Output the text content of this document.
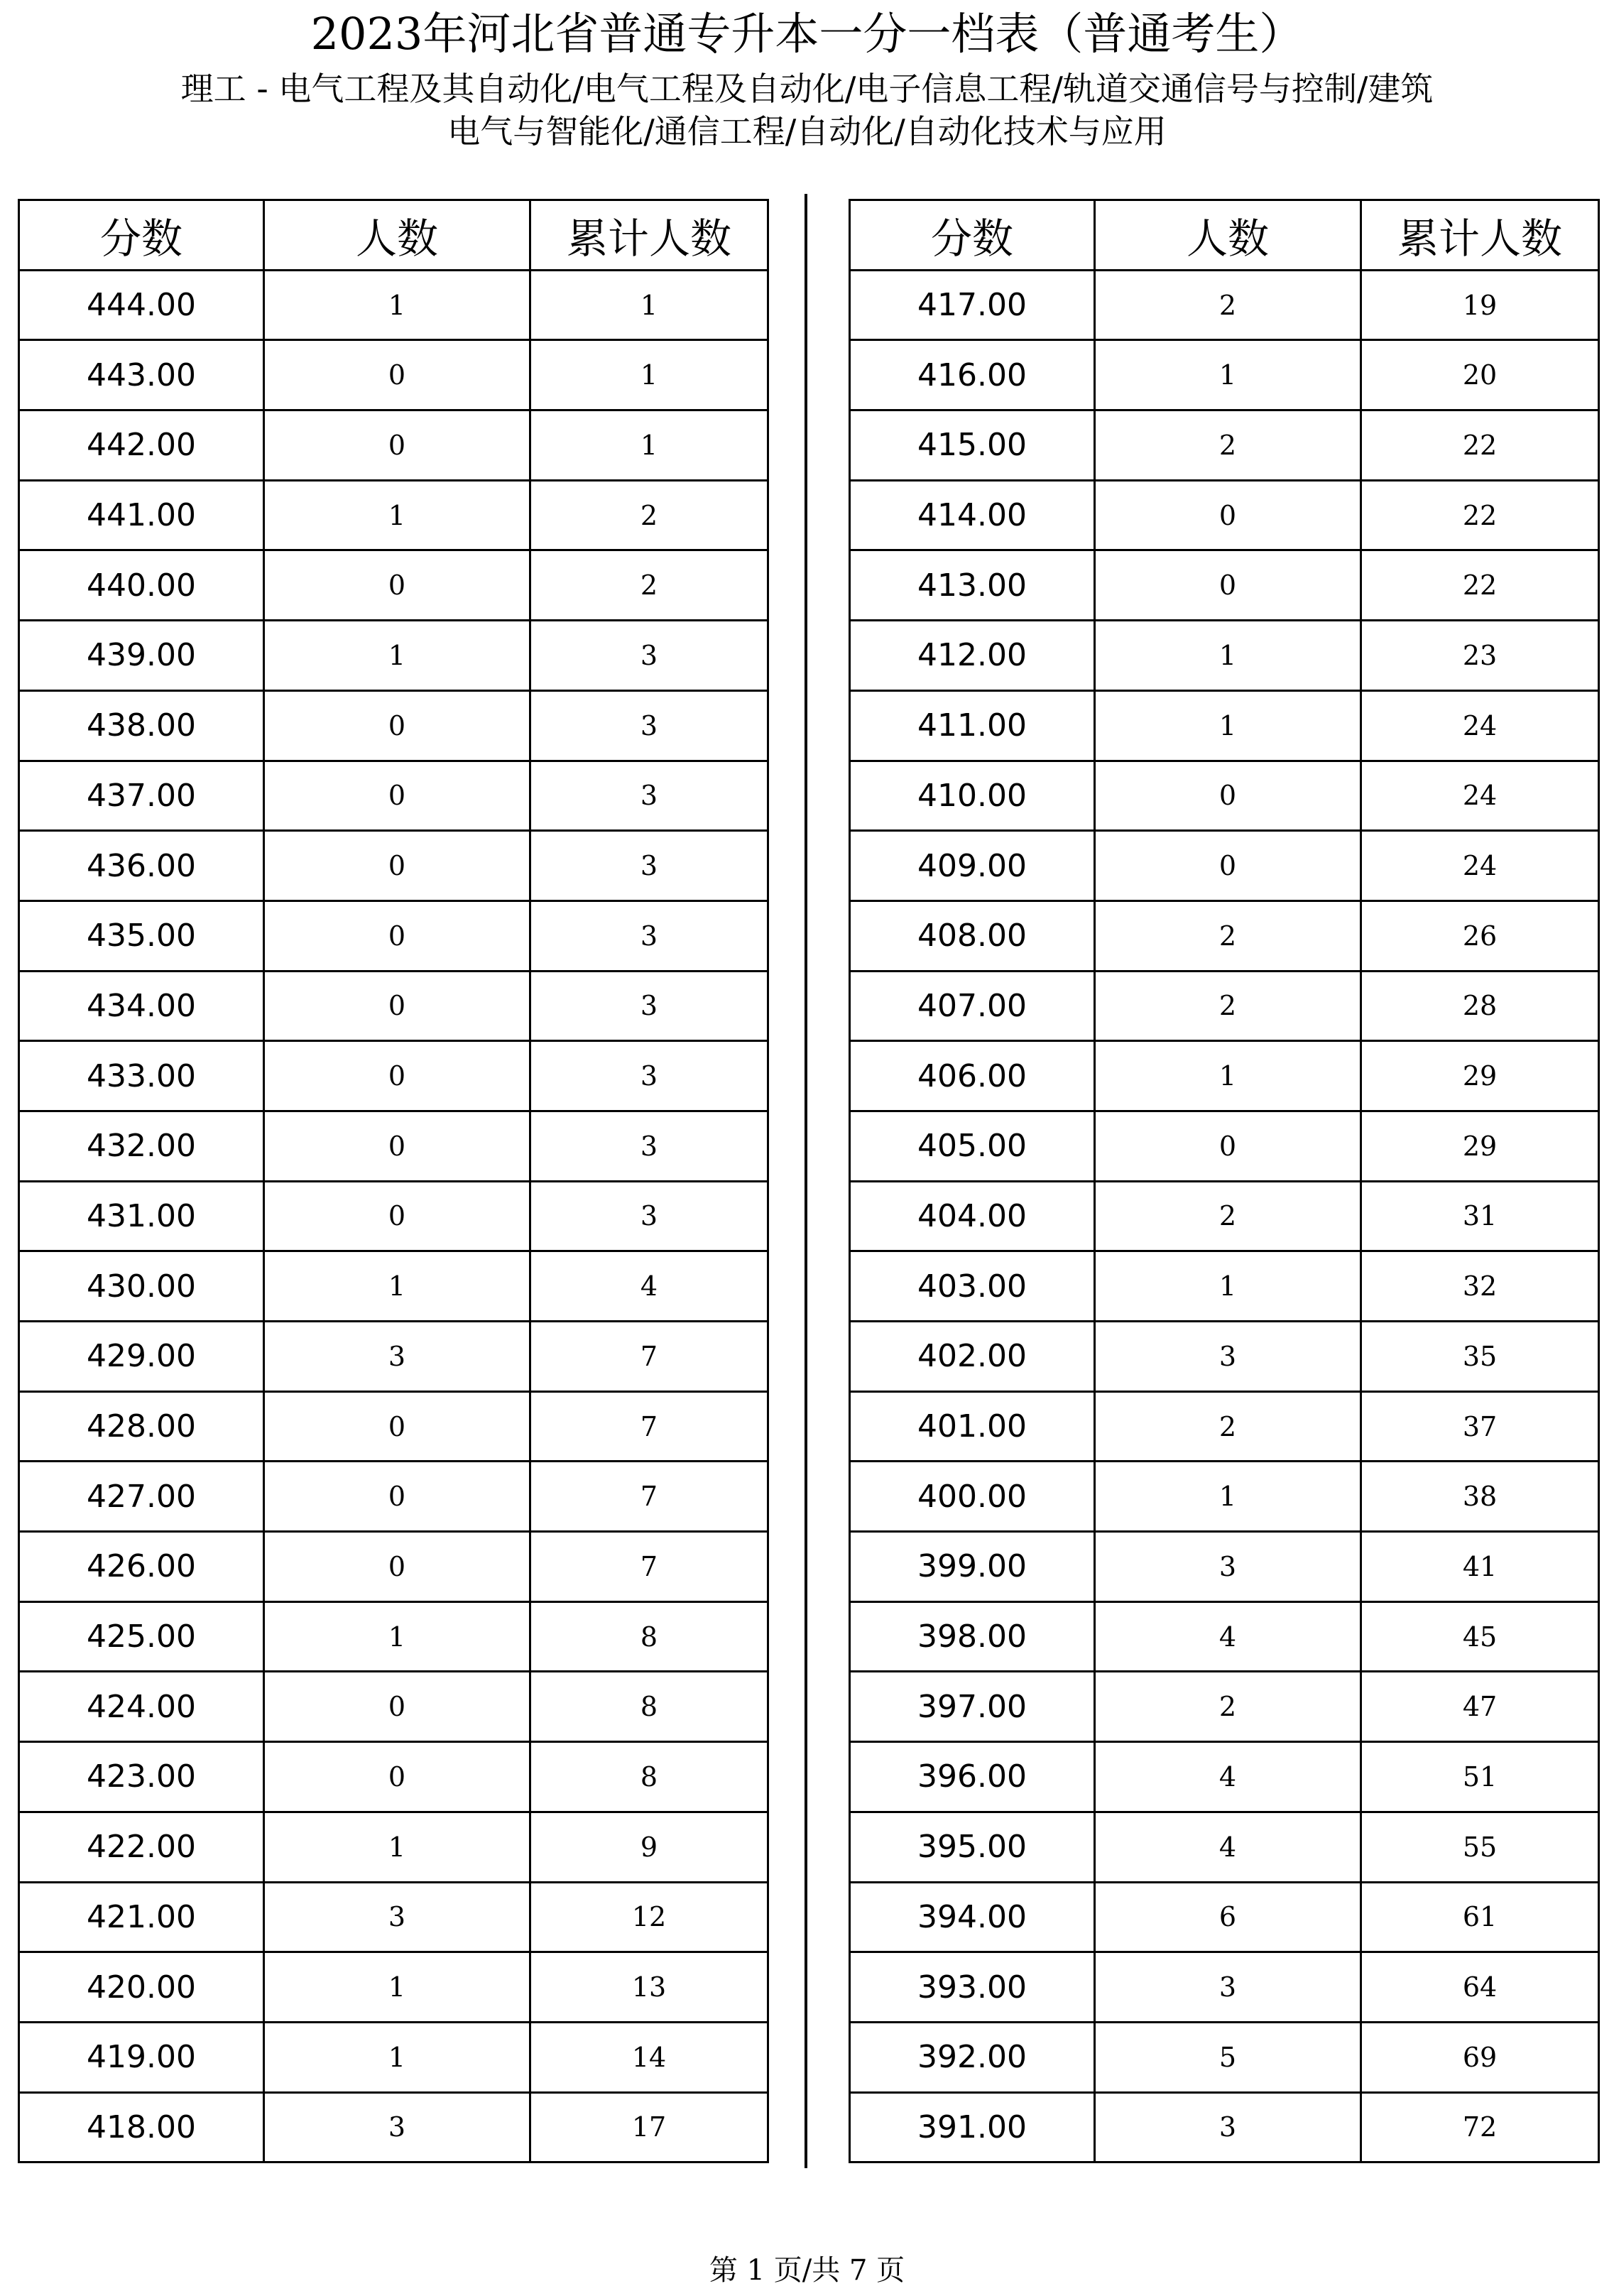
2023年河北省普通专升本一分一档表（普通考生）
理工 - 电气工程及其自动化/电气工程及自动化/电子信息工程/轨道交通信号与控制/建筑
电气与智能化/通信工程/自动化/自动化技术与应用
分数	人数	累计人数
444.00	1	1
443.00	0	1
442.00	0	1
441.00	1	2
440.00	0	2
439.00	1	3
438.00	0	3
437.00	0	3
436.00	0	3
435.00	0	3
434.00	0	3
433.00	0	3
432.00	0	3
431.00	0	3
430.00	1	4
429.00	3	7
428.00	0	7
427.00	0	7
426.00	0	7
425.00	1	8
424.00	0	8
423.00	0	8
422.00	1	9
421.00	3	12
420.00	1	13
419.00	1	14
418.00	3	17
分数	人数	累计人数
417.00	2	19
416.00	1	20
415.00	2	22
414.00	0	22
413.00	0	22
412.00	1	23
411.00	1	24
410.00	0	24
409.00	0	24
408.00	2	26
407.00	2	28
406.00	1	29
405.00	0	29
404.00	2	31
403.00	1	32
402.00	3	35
401.00	2	37
400.00	1	38
399.00	3	41
398.00	4	45
397.00	2	47
396.00	4	51
395.00	4	55
394.00	6	61
393.00	3	64
392.00	5	69
391.00	3	72
第 1 页/共 7 页
